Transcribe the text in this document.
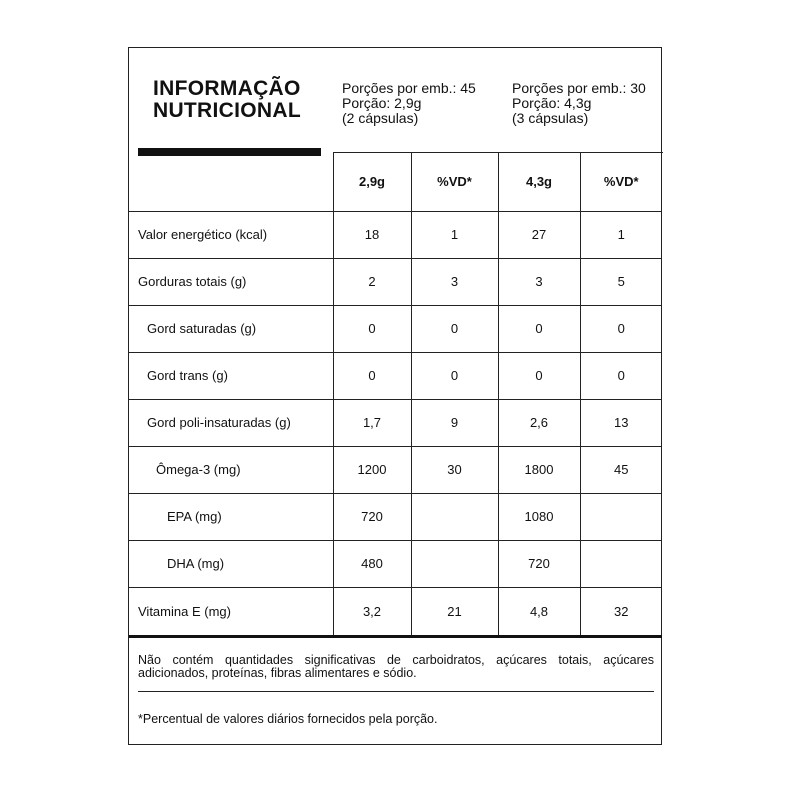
INFORMAÇÃO
NUTRICIONAL
Porções por emb.: 45
Porção: 2,9g
(2 cápsulas)
Porções por emb.: 30
Porção: 4,3g
(3 cápsulas)
	2,9g	%VD*	4,3g	%VD*
Valor energético (kcal)	18	1	27	1
Gorduras totais (g)	2	3	3	5
Gord saturadas (g)	0	0	0	0
Gord trans (g)	0	0	0	0
Gord poli-insaturadas (g)	1,7	9	2,6	13
Ômega-3 (mg)	1200	30	1800	45
EPA (mg)	720		1080	
DHA (mg)	480		720	
Vitamina E (mg)	3,2	21	4,8	32
Não contém quantidades significativas de carboidratos, açúcares totais, açúcares adicionados, proteínas, fibras alimentares e sódio.
*Percentual de valores diários fornecidos pela porção.
